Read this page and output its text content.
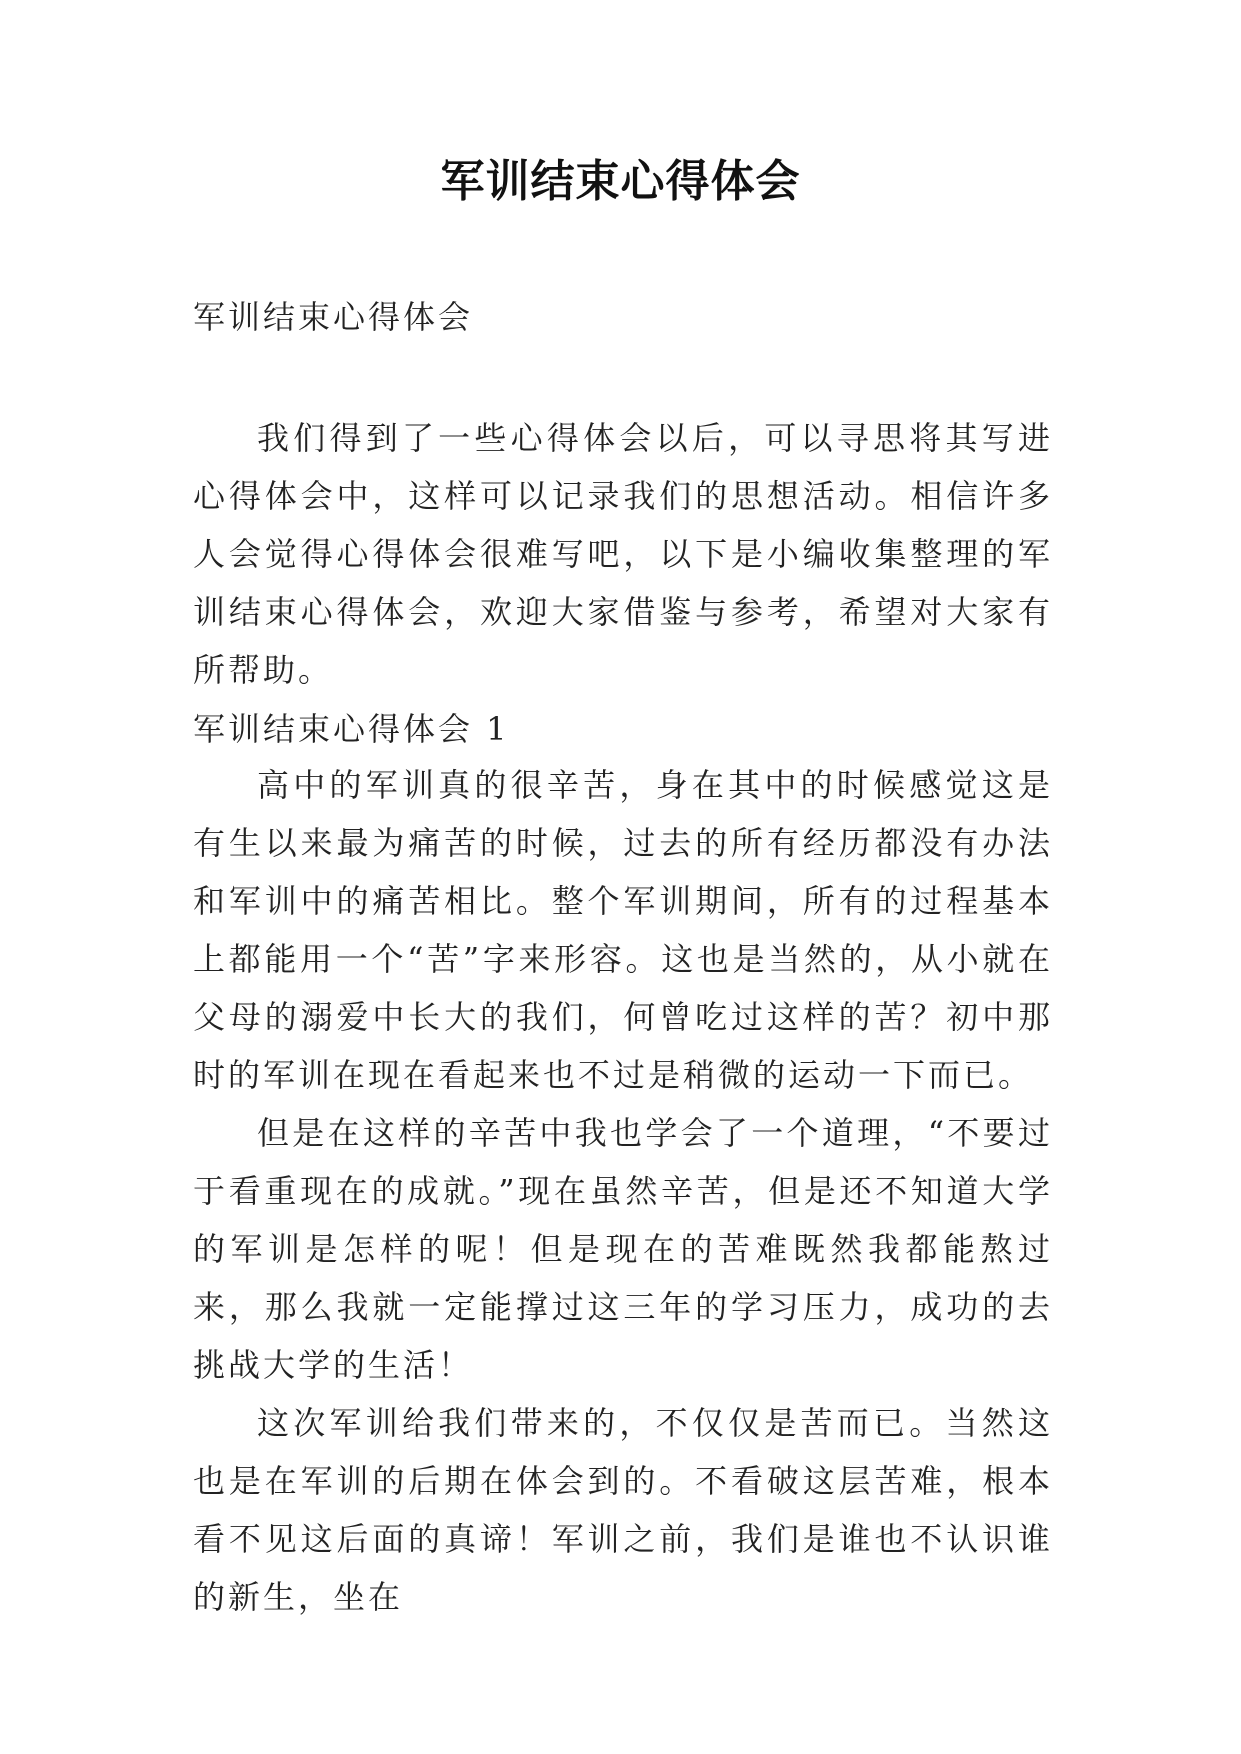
军训结束心得体会
军训结束心得体会

我们得到了一些心得体会以后，可以寻思将其写进心得体会中，这样可以记录我们的思想活动。相信许多人会觉得心得体会很难写吧，以下是小编收集整理的军训结束心得体会，欢迎大家借鉴与参考，希望对大家有所帮助。

军训结束心得体会 1

高中的军训真的很辛苦，身在其中的时候感觉这是有生以来最为痛苦的时候，过去的所有经历都没有办法和军训中的痛苦相比。整个军训期间，所有的过程基本上都能用一个“苦”字来形容。这也是当然的，从小就在父母的溺爱中长大的我们，何曾吃过这样的苦？初中那时的军训在现在看起来也不过是稍微的运动一下而已。

但是在这样的辛苦中我也学会了一个道理，“不要过于看重现在的成就。”现在虽然辛苦，但是还不知道大学的军训是怎样的呢！但是现在的苦难既然我都能熬过来，那么我就一定能撑过这三年的学习压力，成功的去挑战大学的生活！

这次军训给我们带来的，不仅仅是苦而已。当然这也是在军训的后期在体会到的。不看破这层苦难，根本看不见这后面的真谛！军训之前，我们是谁也不认识谁的新生，坐在
